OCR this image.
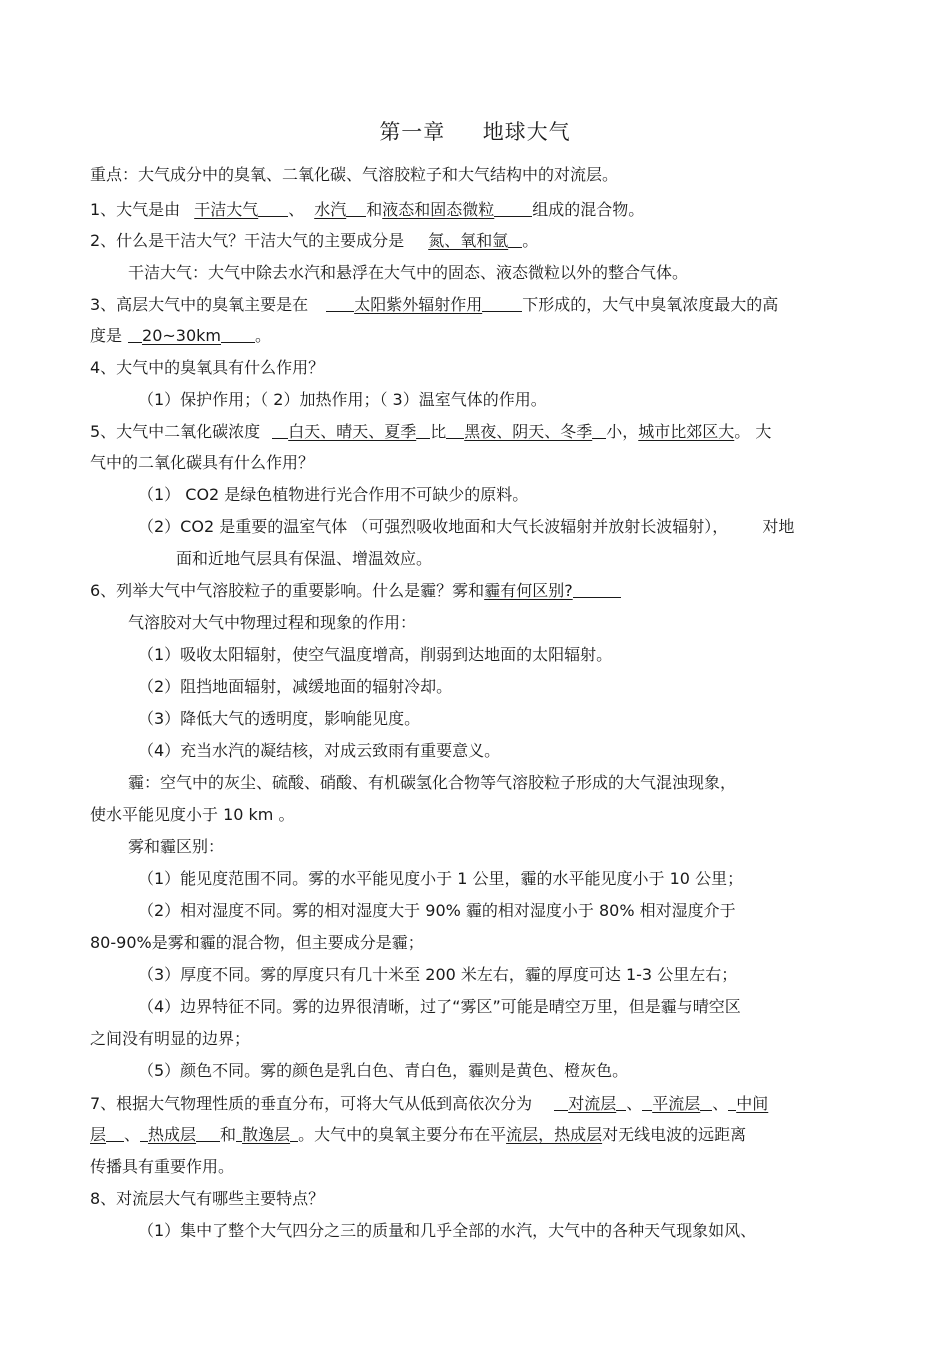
第一章 地球大气
重点：大气成分中的臭氧、二氧化碳、气溶胶粒子和大气结构中的对流层。
1、大气是由 干洁大气 、 水汽 和液态和固态微粒 组成的混合物。
2、什么是干洁大气？干洁大气的主要成分是 氮、氧和氩 。
干洁大气：大气中除去水汽和悬浮在大气中的固态、液态微粒以外的整合气体。
3、高层大气中的臭氧主要是在	太阳紫外辐射作用	下形成的，大气中臭氧浓度最大的高
度是 20~30km 。
4、大气中的臭氧具有什么作用？
（1）保护作用；（ 2）加热作用；（ 3）温室气体的作用。
5、大气中二氧化碳浓度 白天、晴天、夏季 比 黑夜、阴天、冬季 小，城市比郊区大。 大
气中的二氧化碳具有什么作用？
（1） CO2 是绿色植物进行光合作用不可缺少的原料。
（2）CO2 是重要的温室气体 （可强烈吸收地面和大气长波辐射并放射长波辐射）， 对地
面和近地气层具有保温、增温效应。
6、列举大气中气溶胶粒子的重要影响。什么是霾？雾和霾有何区别?
气溶胶对大气中物理过程和现象的作用：
（1）吸收太阳辐射，使空气温度增高，削弱到达地面的太阳辐射。
（2）阻挡地面辐射，减缓地面的辐射冷却。
（3）降低大气的透明度，影响能见度。
（4）充当水汽的凝结核，对成云致雨有重要意义。
霾：空气中的灰尘、硫酸、硝酸、有机碳氢化合物等气溶胶粒子形成的大气混浊现象，
使水平能见度小于 10 km 。
雾和霾区别：
（1）能见度范围不同。雾的水平能见度小于 1 公里，霾的水平能见度小于 10 公里；
（2）相对湿度不同。雾的相对湿度大于 90% 霾的相对湿度小于 80% 相对湿度介于
80-90%是雾和霾的混合物，但主要成分是霾；
（3）厚度不同。雾的厚度只有几十米至 200 米左右，霾的厚度可达 1-3 公里左右；
（4）边界特征不同。雾的边界很清晰，过了“雾区”可能是晴空万里，但是霾与晴空区
之间没有明显的边界；
（5）颜色不同。雾的颜色是乳白色、青白色，霾则是黄色、橙灰色。
7、根据大气物理性质的垂直分布，可将大气从低到高依次分为 对流层 、 平流层 、 中间
层 、 热成层 和 散逸层 。大气中的臭氧主要分布在平流层，热成层对无线电波的远距离
传播具有重要作用。
8、对流层大气有哪些主要特点？
（1）集中了整个大气四分之三的质量和几乎全部的水汽，大气中的各种天气现象如风、
